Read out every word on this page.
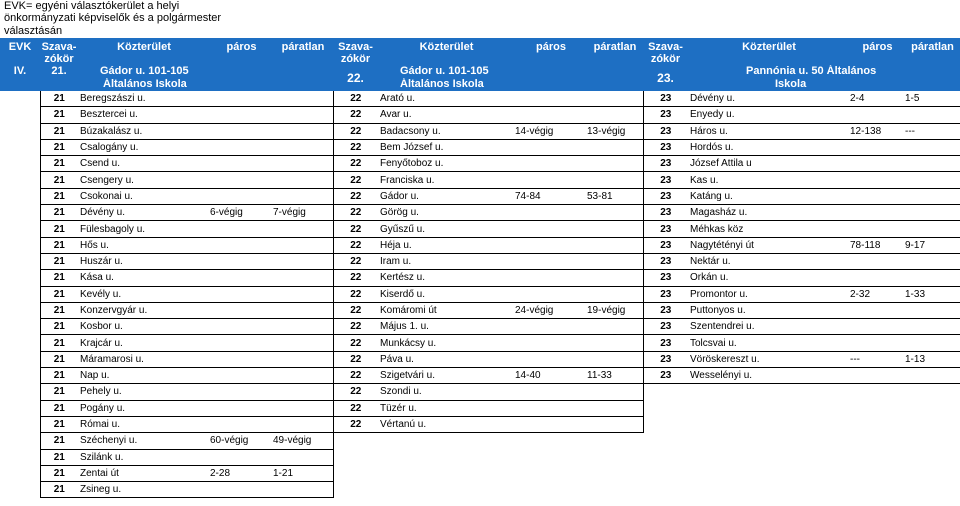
EVK= egyéni választókerület a helyi önkormányzati képviselők és a polgármester választásán
EVK	Szava-	Közterület	páros	páratlan	Szava-	Közterület	páros	páratlan	Szava-	Közterület	páros	páratlan
	zókör				zókör				zókör			
IV.	21.	Gádor u. 101-105			22.	Gádor u. 101-105			23.	Pannónia u. 50 Általános		
		Általános Iskola				Általános Iskola				Iskola		
	21	Beregszászi u.			22	Arató u.			23	Dévény u.	2-4	1-5
	21	Besztercei u.			22	Avar u.			23	Enyedy u.		
	21	Búzakalász u.			22	Badacsony u.	14-végig	13-végig	23	Háros u.	12-138	---
	21	Csalogány u.			22	Bem József u.			23	Hordós u.		
	21	Csend u.			22	Fenyőtoboz u.			23	József Attila u		
	21	Csengery u.			22	Franciska u.			23	Kas u.		
	21	Csokonai u.			22	Gádor u.	74-84	53-81	23	Katáng u.		
	21	Dévény u.	6-végig	7-végig	22	Görög u.			23	Magasház u.		
	21	Fülesbagoly u.			22	Gyűszű u.			23	Méhkas köz		
	21	Hős u.			22	Héja u.			23	Nagytétényi út	78-118	9-17
	21	Huszár u.			22	Iram u.			23	Nektár u.		
	21	Kása u.			22	Kertész u.			23	Orkán u.		
	21	Kevély u.			22	Kiserdő u.			23	Promontor u.	2-32	1-33
	21	Konzervgyár u.			22	Komáromi út	24-végig	19-végig	23	Puttonyos u.		
	21	Kosbor u.			22	Május 1. u.			23	Szentendrei u.		
	21	Krajcár u.			22	Munkácsy u.			23	Tolcsvai u.		
	21	Máramarosi u.			22	Páva u.			23	Vöröskereszt u.	---	1-13
	21	Nap u.			22	Szigetvári u.	14-40	11-33	23	Wesselényi u.		
	21	Pehely u.			22	Szondi u.						
	21	Pogány u.			22	Tüzér u.						
	21	Római u.			22	Vértanú u.						
	21	Széchenyi u.	60-végig	49-végig								
	21	Szilánk u.										
	21	Zentai út	2-28	1-21								
	21	Zsineg u.										
